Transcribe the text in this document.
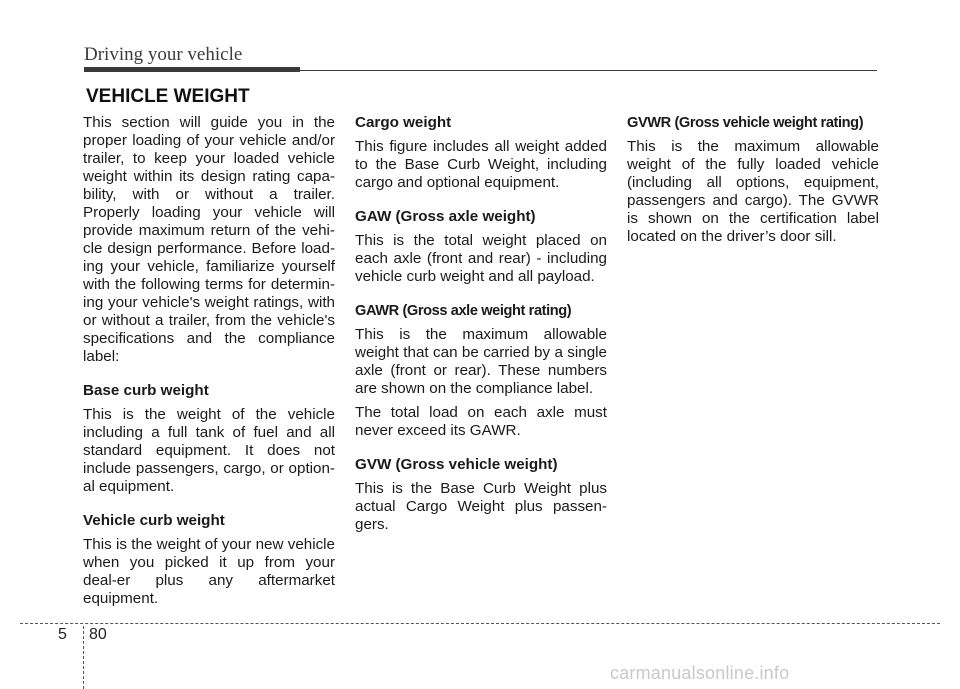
Driving your vehicle
VEHICLE WEIGHT

This section will guide you in the proper loading of your vehicle and/or trailer, to keep your loaded vehicle weight within its design rating capa-bility, with or without a trailer. Properly loading your vehicle will provide maximum return of the vehi-cle design performance. Before load-ing your vehicle, familiarize yourself with the following terms for determin-ing your vehicle's weight ratings, with or without a trailer, from the vehicle's specifications and the compliance label:

Base curb weight

This is the weight of the vehicle including a full tank of fuel and all standard equipment. It does not include passengers, cargo, or option-al equipment.

Vehicle curb weight

This is the weight of your new vehicle when you picked it up from your deal-er plus any aftermarket equipment.

Cargo weight

This figure includes all weight added to the Base Curb Weight, including cargo and optional equipment.

GAW (Gross axle weight)

This is the total weight placed on each axle (front and rear) - including vehicle curb weight and all payload.

GAWR (Gross axle weight rating)

This is the maximum allowable weight that can be carried by a single axle (front or rear). These numbers are shown on the compliance label.

The total load on each axle must never exceed its GAWR.

GVW (Gross vehicle weight)

This is the Base Curb Weight plus actual Cargo Weight plus passen-gers.

GVWR (Gross vehicle weight rating)

This is the maximum allowable weight of the fully loaded vehicle (including all options, equipment, passengers and cargo). The GVWR is shown on the certification label located on the driver’s door sill.

5 80
carmanualsonline.info
